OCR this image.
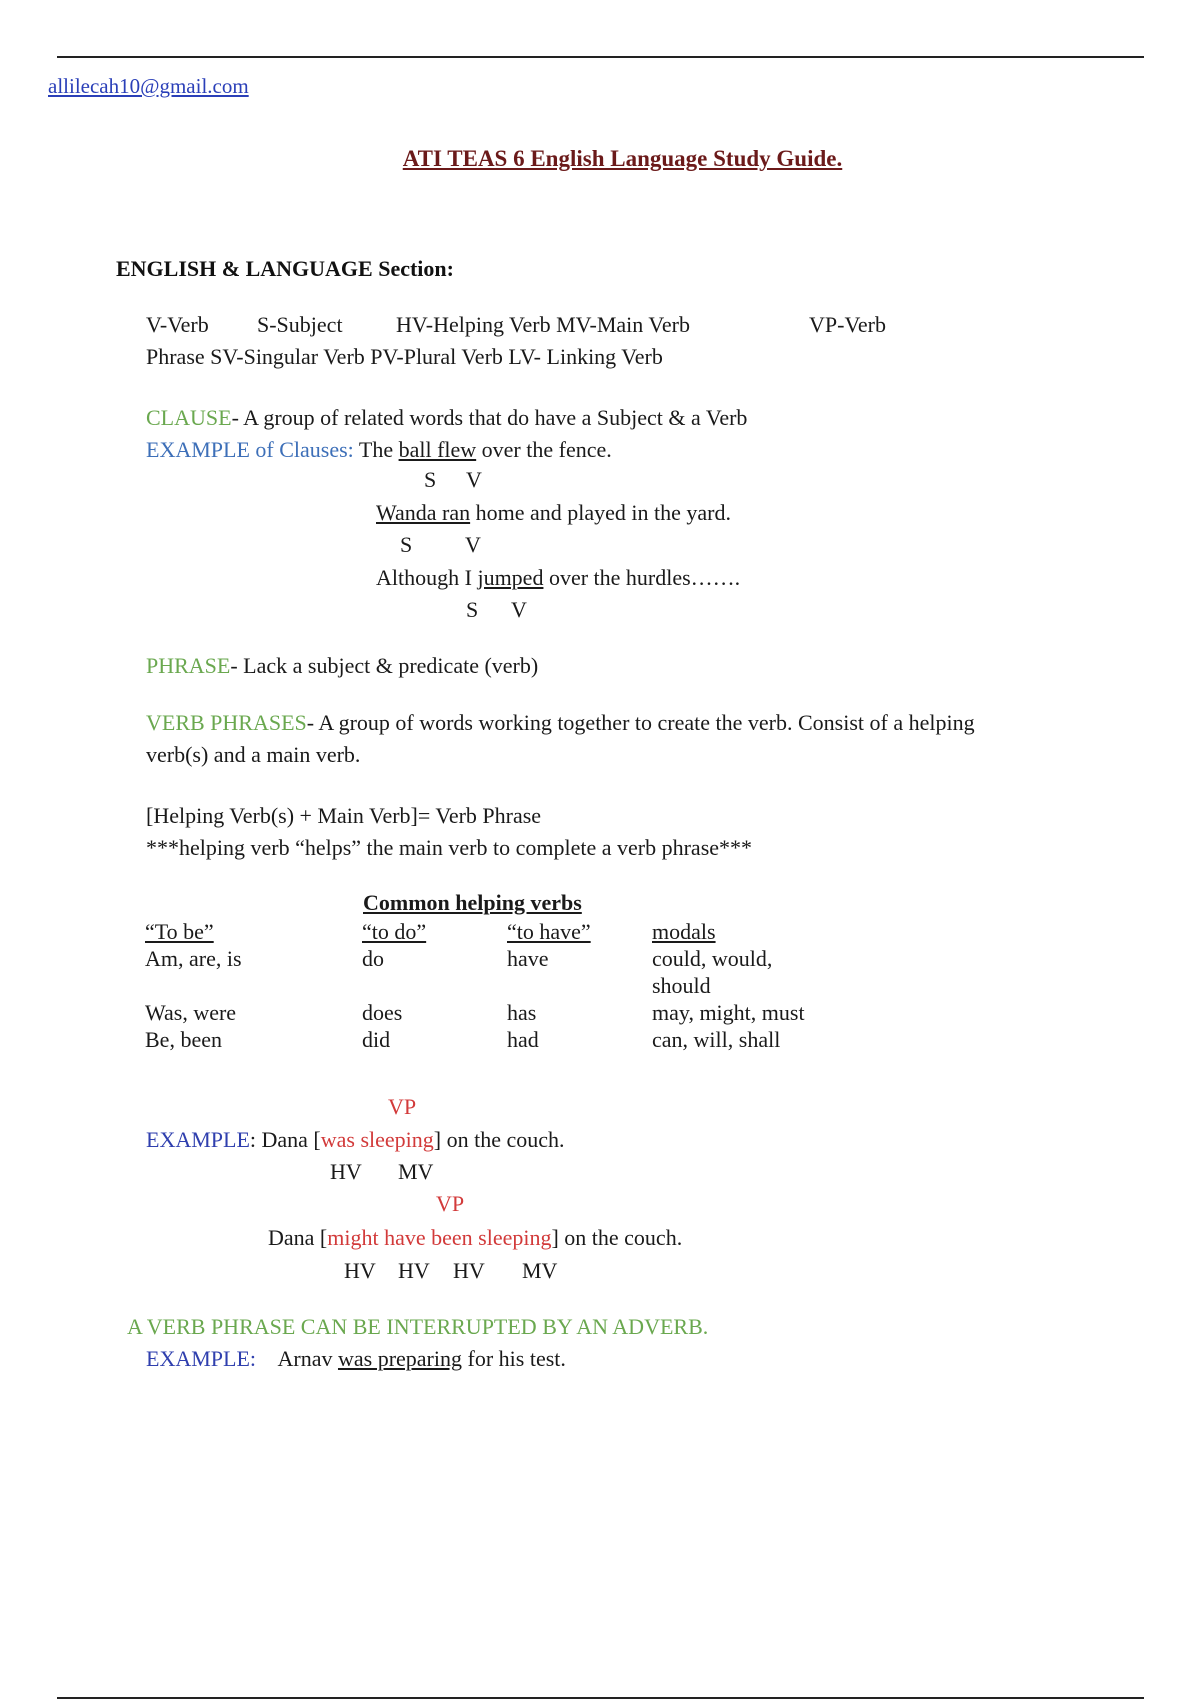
allilecah10@gmail.com
ATI TEAS 6 English Language Study Guide.
ENGLISH & LANGUAGE Section:
V-Verb S-Subject HV-Helping Verb MV-Main Verb	VP-Verb
Phrase SV-Singular Verb PV-Plural Verb LV- Linking Verb
CLAUSE- A group of related words that do have a Subject & a Verb
EXAMPLE of Clauses: The ball flew over the fence.
S V
Wanda ran home and played in the yard.
S V
Although I jumped over the hurdles…….
S V
PHRASE- Lack a subject & predicate (verb)
VERB PHRASES- A group of words working together to create the verb. Consist of a helping
verb(s) and a main verb.
[Helping Verb(s) + Main Verb]= Verb Phrase
***helping verb “helps” the main verb to complete a verb phrase***
Common helping verbs
“To be”	“to do”	“to have”	modals
Am, are, is	do	have	could, would,
			should
Was, were	does	has	may, might, must
Be, been	did	had	can, will, shall
VP
EXAMPLE: Dana [was sleeping] on the couch.
HV MV
VP
Dana [might have been sleeping] on the couch.
HV HV HV MV
A VERB PHRASE CAN BE INTERRUPTED BY AN ADVERB.
EXAMPLE: Arnav was preparing for his test.
